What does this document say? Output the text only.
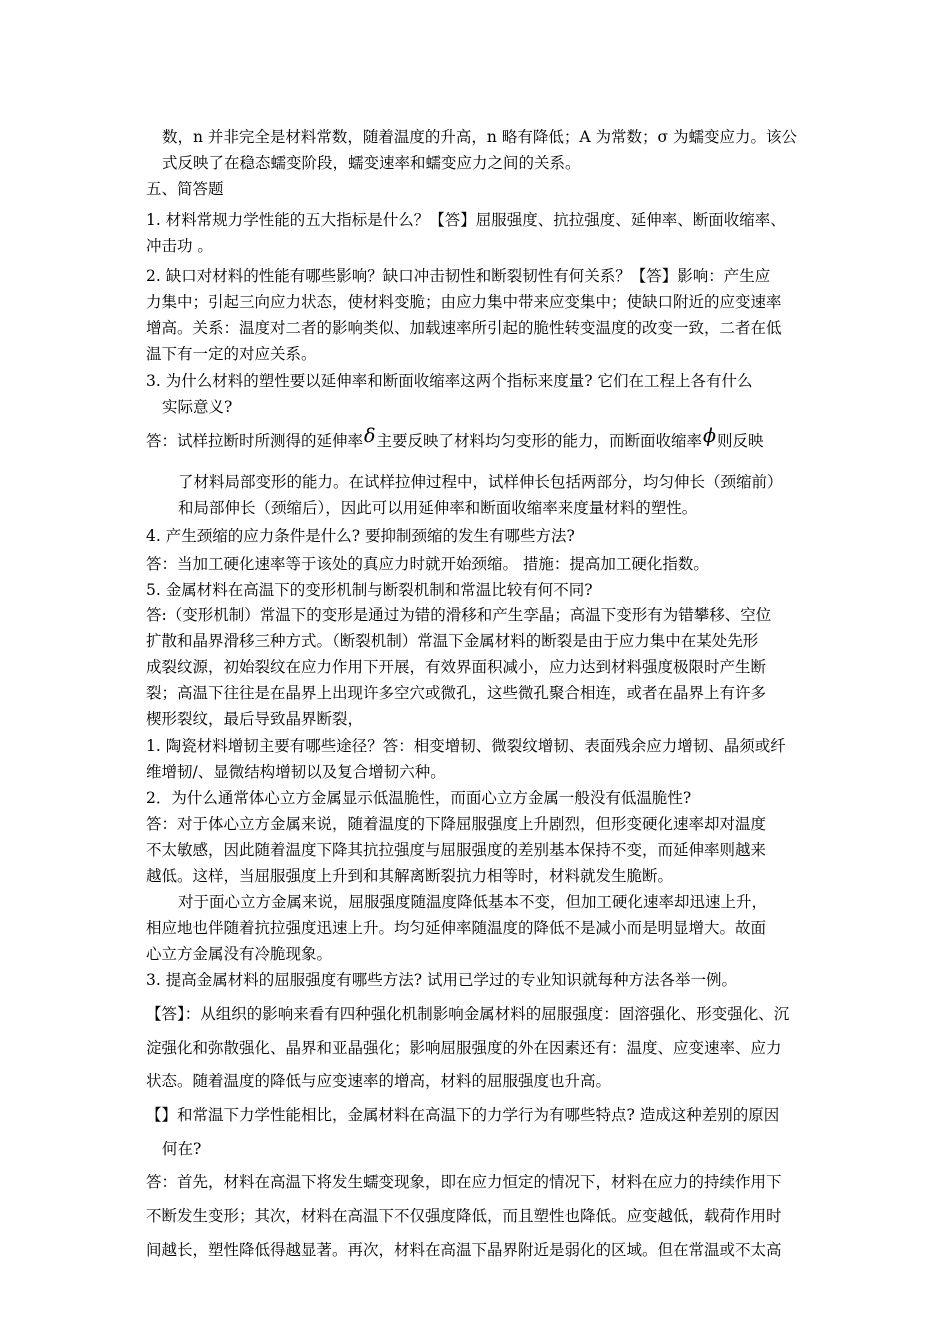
数，n 并非完全是材料常数，随着温度的升高，n 略有降低；A 为常数；σ 为蠕变应力。该公
式反映了在稳态蠕变阶段，蠕变速率和蠕变应力之间的关系。
五、简答题
1. 材料常规力学性能的五大指标是什么？【答】屈服强度、抗拉强度、延伸率、断面收缩率、
冲击功 。
2. 缺口对材料的性能有哪些影响？缺口冲击韧性和断裂韧性有何关系？【答】影响：产生应
力集中；引起三向应力状态，使材料变脆；由应力集中带来应变集中；使缺口附近的应变速率
增高。关系：温度对二者的影响类似、加载速率所引起的脆性转变温度的改变一致，二者在低
温下有一定的对应关系。
3. 为什么材料的塑性要以延伸率和断面收缩率这两个指标来度量? 它们在工程上各有什么
实际意义?
答：试样拉断时所测得的延伸率δ主要反映了材料均匀变形的能力，而断面收缩率ϕ则反映
了材料局部变形的能力。在试样拉伸过程中，试样伸长包括两部分，均匀伸长（颈缩前）
和局部伸长（颈缩后），因此可以用延伸率和断面收缩率来度量材料的塑性。
4. 产生颈缩的应力条件是什么? 要抑制颈缩的发生有哪些方法?
答：当加工硬化速率等于该处的真应力时就开始颈缩。 措施：提高加工硬化指数。
5. 金属材料在高温下的变形机制与断裂机制和常温比较有何不同?
答:（变形机制）常温下的变形是通过为错的滑移和产生孪晶；高温下变形有为错攀移、空位
扩散和晶界滑移三种方式。（断裂机制）常温下金属材料的断裂是由于应力集中在某处先形
成裂纹源，初始裂纹在应力作用下开展，有效界面积减小，应力达到材料强度极限时产生断
裂；高温下往往是在晶界上出现许多空穴或微孔，这些微孔聚合相连，或者在晶界上有许多
楔形裂纹，最后导致晶界断裂，
1. 陶瓷材料增韧主要有哪些途径？答：相变增韧、微裂纹增韧、表面残余应力增韧、晶须或纤
维增韧/、显微结构增韧以及复合增韧六种。
2．为什么通常体心立方金属显示低温脆性，而面心立方金属一般没有低温脆性?
答：对于体心立方金属来说，随着温度的下降屈服强度上升剧烈，但形变硬化速率却对温度
不太敏感，因此随着温度下降其抗拉强度与屈服强度的差别基本保持不变，而延伸率则越来
越低。这样，当屈服强度上升到和其解离断裂抗力相等时，材料就发生脆断。
对于面心立方金属来说，屈服强度随温度降低基本不变，但加工硬化速率却迅速上升，
相应地也伴随着抗拉强度迅速上升。均匀延伸率随温度的降低不是减小而是明显增大。故面
心立方金属没有冷脆现象。
3. 提高金属材料的屈服强度有哪些方法? 试用已学过的专业知识就每种方法各举一例。
【答】：从组织的影响来看有四种强化机制影响金属材料的屈服强度：固溶强化、形变强化、沉
淀强化和弥散强化、晶界和亚晶强化；影响屈服强度的外在因素还有：温度、应变速率、应力
状态。随着温度的降低与应变速率的增高，材料的屈服强度也升高。
【】和常温下力学性能相比，金属材料在高温下的力学行为有哪些特点? 造成这种差别的原因
何在?
答：首先，材料在高温下将发生蠕变现象，即在应力恒定的情况下，材料在应力的持续作用下
不断发生变形；其次，材料在高温下不仅强度降低，而且塑性也降低。应变越低，载荷作用时
间越长，塑性降低得越显著。再次，材料在高温下晶界附近是弱化的区域。但在常温或不太高
